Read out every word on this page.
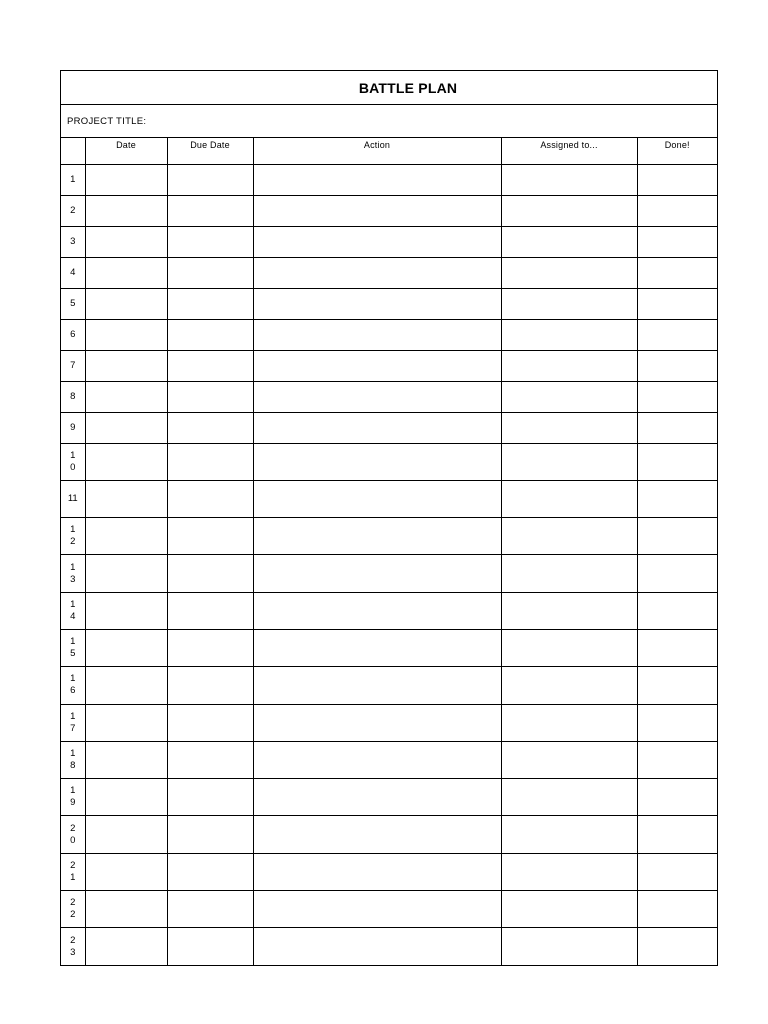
BATTLE PLAN
PROJECT TITLE:
	Date	Due Date	Action	Assigned to...	Done!

1					

2					

3					

4					

5					

6					

7					

8					

9					

10					

11					

12					

13					

14					

15					

16					

17					

18					

19					

20					

21					

22					

23					
